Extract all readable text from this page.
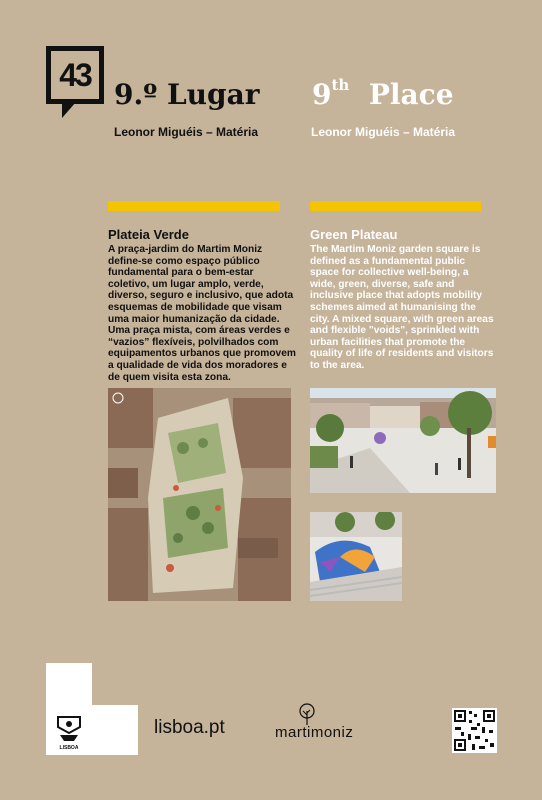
43
9.º Lugar 9th Place
Leonor Miguéis – Matéria	Leonor Miguéis – Matéria
Plateia Verde	Green Plateau
A praça-jardim do Martim Moniz define-se como espaço público fundamental para o bem-estar coletivo, um lugar amplo, verde, diverso, seguro e inclusivo, que adota esquemas de mobilidade que visam uma maior humanização da cidade. Uma praça mista, com áreas verdes e “vazios” flexíveis, polvilhados com equipamentos urbanos que promovem a qualidade de vida dos moradores e de quem visita esta zona.
The Martim Moniz garden square is defined as a fundamental public space for collective well-being, a wide, green, diverse, safe and inclusive place that adopts mobility schemes aimed at humanising the city. A mixed square, with green areas and flexible "voids", sprinkled with urban facilities that promote the quality of life of residents and visitors to the area.
LISBOA
lisboa.pt	martimoniz
